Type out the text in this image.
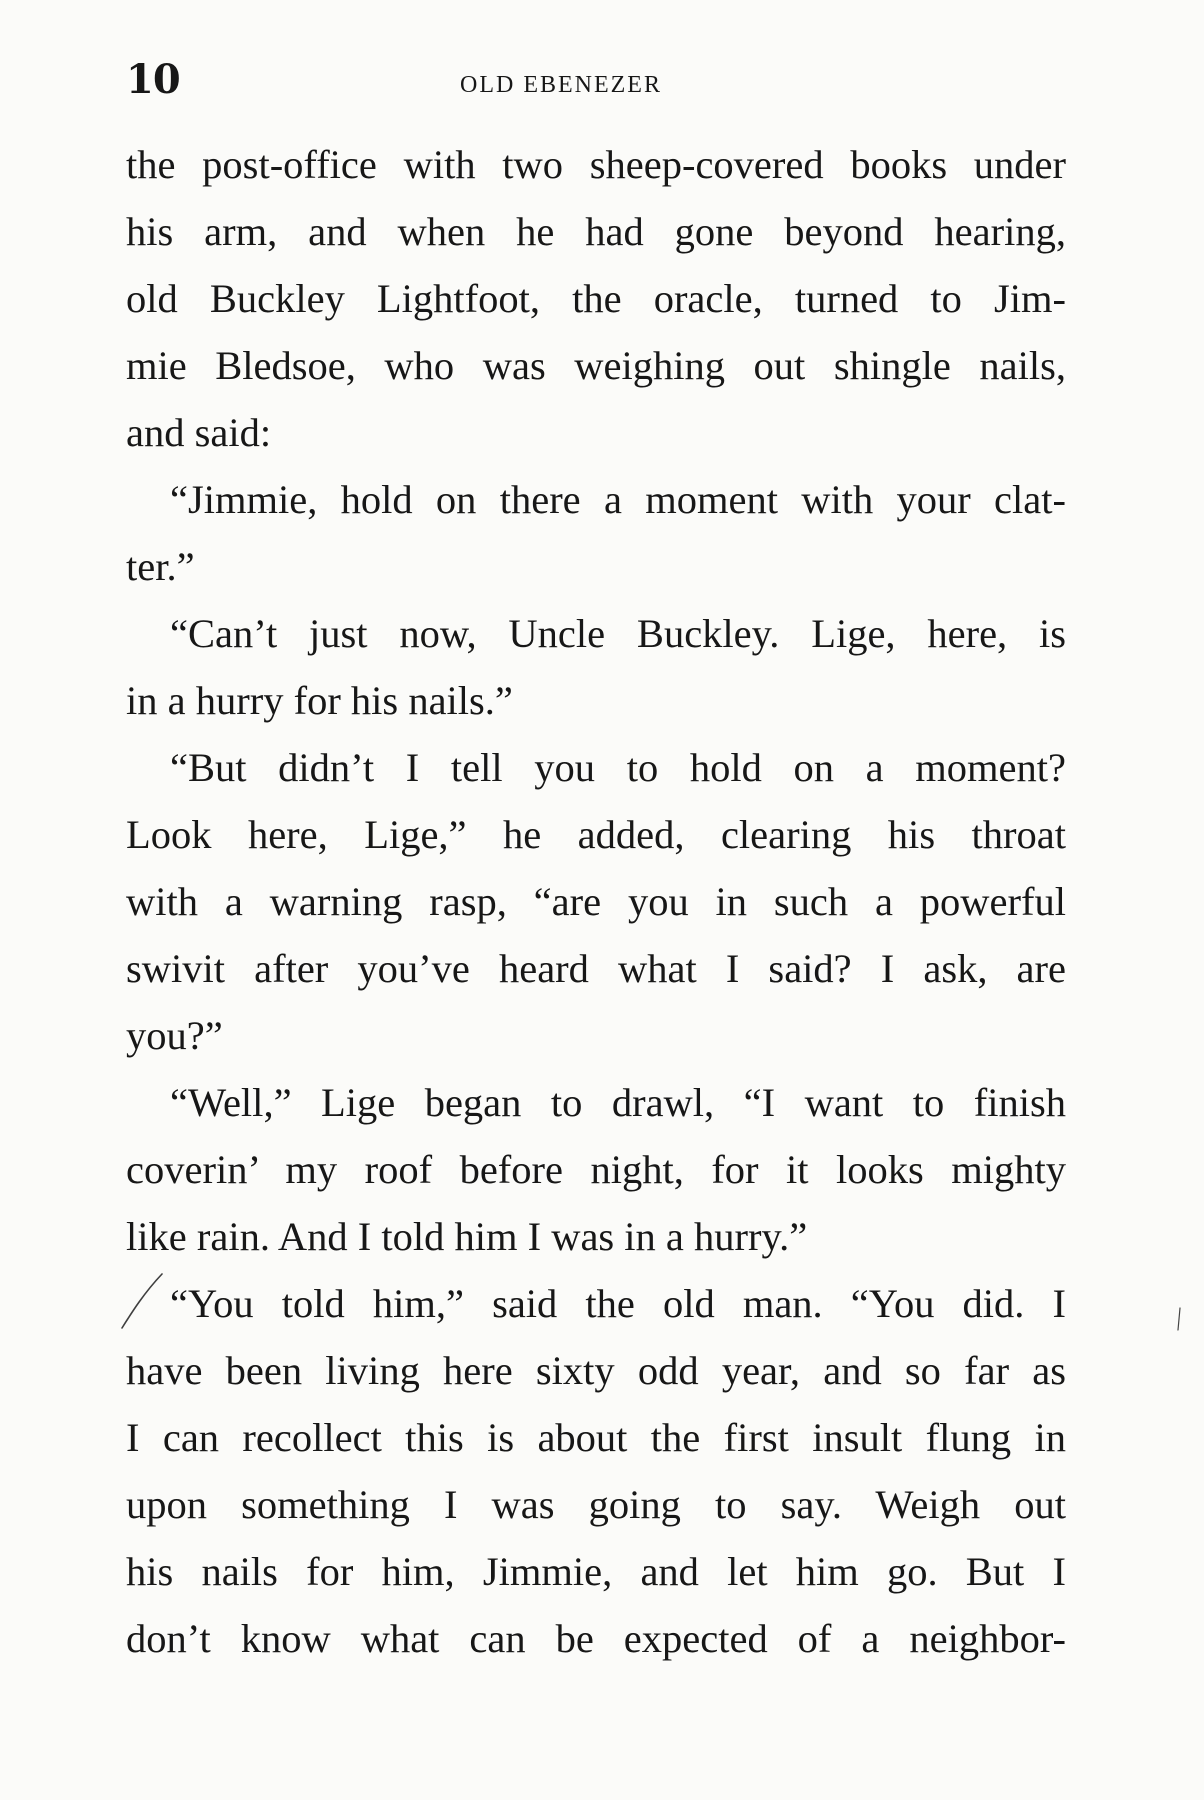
10	OLD EBENEZER
the post-office with two sheep-covered books under
his arm, and when he had gone beyond hearing,
old Buckley Lightfoot, the oracle, turned to Jim-
mie Bledsoe, who was weighing out shingle nails,
and said:
“Jimmie, hold on there a moment with your clat-
ter.”
“Can’t just now, Uncle Buckley. Lige, here, is
in a hurry for his nails.”
“But didn’t I tell you to hold on a moment?
Look here, Lige,” he added, clearing his throat
with a warning rasp, “are you in such a powerful
swivit after you’ve heard what I said? I ask, are
you?”
“Well,” Lige began to drawl, “I want to finish
coverin’ my roof before night, for it looks mighty
like rain. And I told him I was in a hurry.”
“You told him,” said the old man. “You did. I
have been living here sixty odd year, and so far as
I can recollect this is about the first insult flung in
upon something I was going to say. Weigh out
his nails for him, Jimmie, and let him go. But I
don’t know what can be expected of a neighbor-
